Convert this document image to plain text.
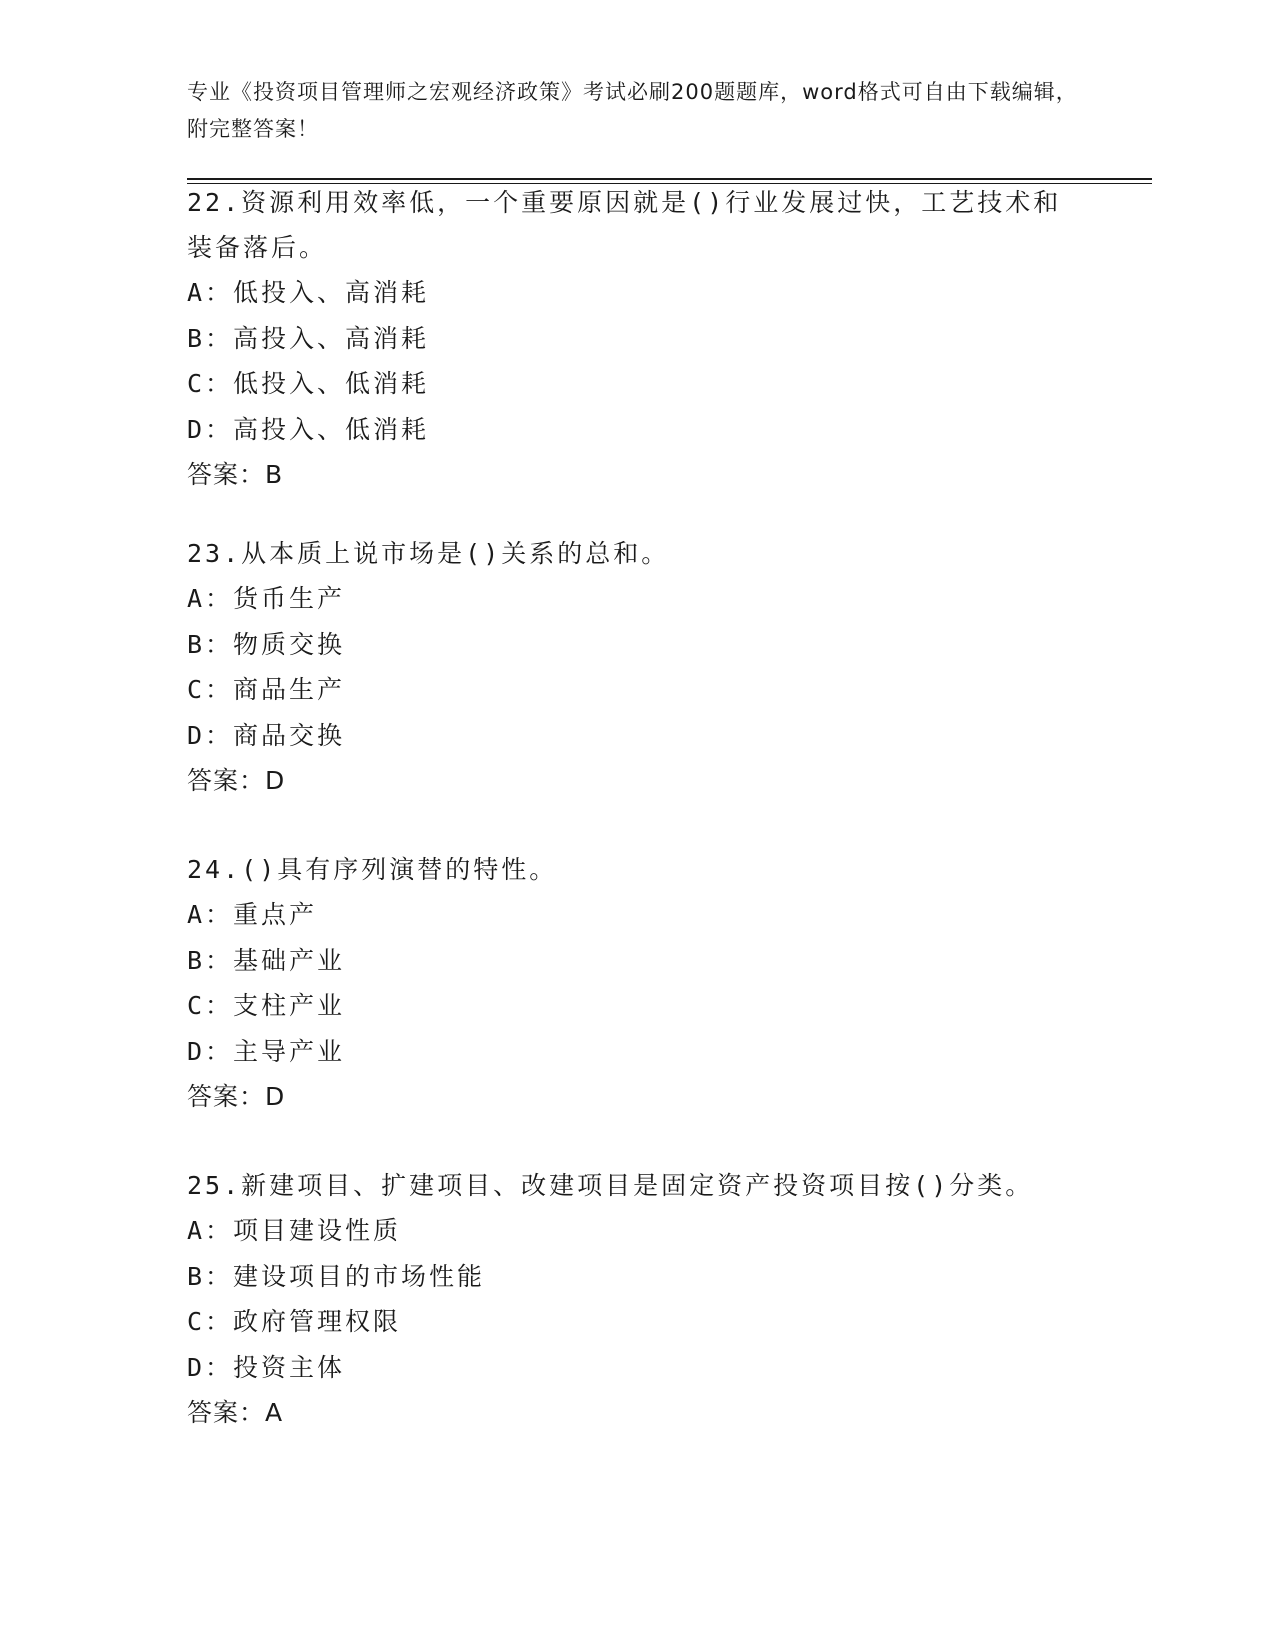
专业《投资项目管理师之宏观经济政策》考试必刷200题题库，word格式可自由下载编辑，附完整答案！
22.资源利用效率低，一个重要原因就是()行业发展过快，工艺技术和装备落后。
A：低投入、高消耗
B：高投入、高消耗
C：低投入、低消耗
D：高投入、低消耗
答案：B
23.从本质上说市场是()关系的总和。
A：货币生产
B：物质交换
C：商品生产
D：商品交换
答案：D
24.()具有序列演替的特性。
A：重点产
B：基础产业
C：支柱产业
D：主导产业
答案：D
25.新建项目、扩建项目、改建项目是固定资产投资项目按()分类。
A：项目建设性质
B：建设项目的市场性能
C：政府管理权限
D：投资主体
答案：A
